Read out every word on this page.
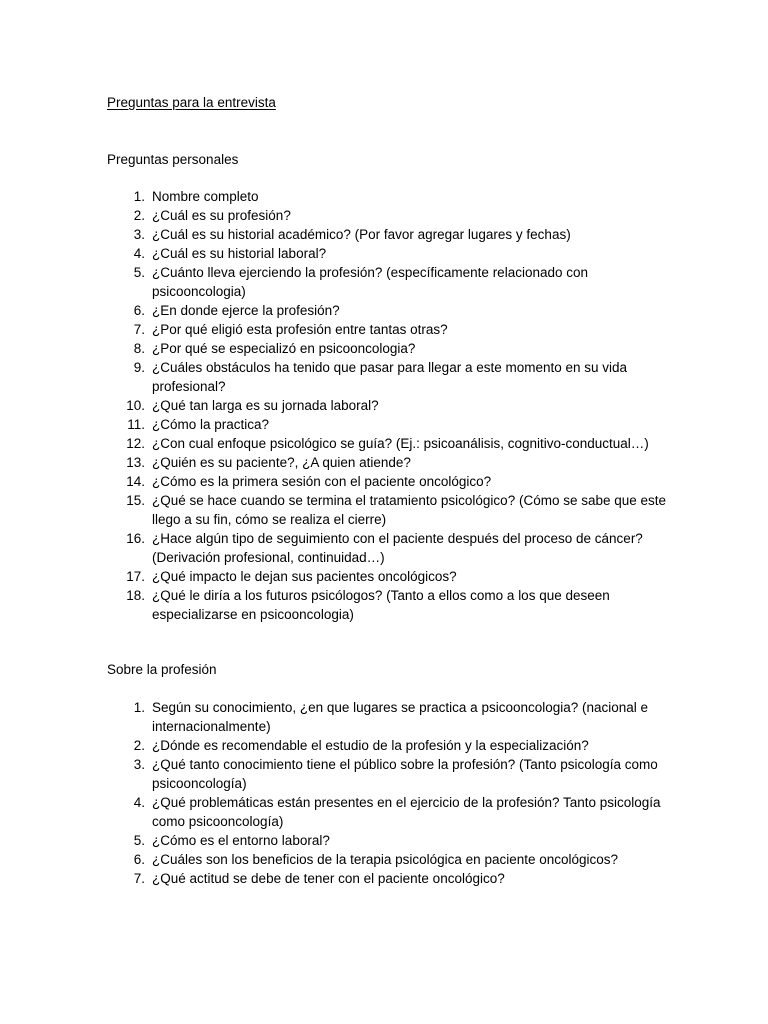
Preguntas para la entrevista
Preguntas personales
1. Nombre completo
2. ¿Cuál es su profesión?
3. ¿Cuál es su historial académico? (Por favor agregar lugares y fechas)
4. ¿Cuál es su historial laboral?
5. ¿Cuánto lleva ejerciendo la profesión? (específicamente relacionado con psicooncologia)
6. ¿En donde ejerce la profesión?
7. ¿Por qué eligió esta profesión entre tantas otras?
8. ¿Por qué se especializó en psicooncologia?
9. ¿Cuáles obstáculos ha tenido que pasar para llegar a este momento en su vida profesional?
10. ¿Qué tan larga es su jornada laboral?
11. ¿Cómo la practica?
12. ¿Con cual enfoque psicológico se guía? (Ej.: psicoanálisis, cognitivo-conductual…)
13. ¿Quién es su paciente?, ¿A quien atiende?
14. ¿Cómo es la primera sesión con el paciente oncológico?
15. ¿Qué se hace cuando se termina el tratamiento psicológico? (Cómo se sabe que este llego a su fin, cómo se realiza el cierre)
16. ¿Hace algún tipo de seguimiento con el paciente después del proceso de cáncer? (Derivación profesional, continuidad…)
17. ¿Qué impacto le dejan sus pacientes oncológicos?
18. ¿Qué le diría a los futuros psicólogos? (Tanto a ellos como a los que deseen especializarse en psicooncologia)
Sobre la profesión
1. Según su conocimiento, ¿en que lugares se practica a psicooncologia? (nacional e internacionalmente)
2. ¿Dónde es recomendable el estudio de la profesión y la especialización?
3. ¿Qué tanto conocimiento tiene el público sobre la profesión? (Tanto psicología como psicooncología)
4. ¿Qué problemáticas están presentes en el ejercicio de la profesión? Tanto psicología como psicooncología)
5. ¿Cómo es el entorno laboral?
6. ¿Cuáles son los beneficios de la terapia psicológica en paciente oncológicos?
7. ¿Qué actitud se debe de tener con el paciente oncológico?
